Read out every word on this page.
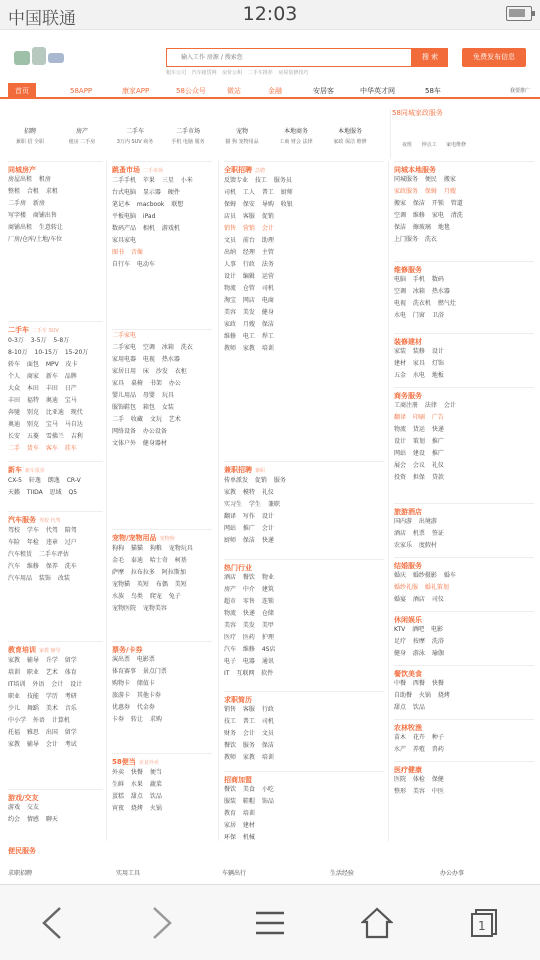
中国联通	12:03
输入工作 房源 / 搜索您
搜 索	免费发布信息
租车公司 汽车租赁网 房价公积 二手车推荐 房屋装修技巧
首页	58APP	康家APP	58公众号	微站	金融	安居客	中华英才网	58车	我要推广
招聘
兼职 招 全职
房产
租房 二手房
二手车
3万内 SUV 商务
二手市场
手机 电脑 服务
宠物
猫 狗 宠物用品
本地商务
工商 财会 法律
本地服务
家政 保洁 维修
58同城家政服务
夜班 钟点工 家电维修
同城房产
房屋出租 租房
整租 合租 求租
二手房 新房
写字楼 商铺出售
商铺出租 生意转让
厂房/仓库/土地/车位
二手车 二手车 SUV
0-3万 3-5万 5-8万
8-10万 10-15万 15-20万
轿车 面包 MPV 皮卡
个人 商家 新车 品牌
大众 本田 丰田 日产
丰田 福特 奥迪 宝马
奔驰 别克 比亚迪 现代
奥迪 别克 宝马 马自达
长安 五菱 雪佛兰 吉利
二手 货车 客车 挂车
新车 新车报价
CX-5 轩逸 朗逸 CR-V
天籁 TIIDA 思域 Q5
汽车服务 驾校 代驾
驾校 学车 代驾 陪驾
车险 年检 违章 过户
汽车租赁 二手车评估
汽车 维修 保养 洗车
汽车用品 装饰 改装
教育培训 家教 辅导
家教 辅导 升学 留学
培训 职业 艺术 体育
IT培训 外语 会计 设计
职业 技能 学历 考研
少儿 舞蹈 美术 音乐
中小学 外语 计算机
托福 雅思 出国 留学
家教 辅导 会计 考试
游戏/交友
游戏 交友
约会 情感 聊天
跳蚤市场 二手市场
二手手机 苹果 三星 小米
台式电脑 显示器 硬件
笔记本 macbook 联想
平板电脑 iPad
数码产品 相机 游戏机
家具家电
图书 音像
自行车 电动车
二手家电
二手家电 空调 冰箱 洗衣
家用电器 电视 热水器
家居日用 床 沙发 衣柜
家具 桌椅 书架 办公
婴儿用品 母婴 玩具
服饰鞋包 箱包 女装
二手 收藏 文玩 艺术
网络设备 办公设备
文体户外 健身器材
宠物/宠物用品 宠物狗
狗狗 猫猫 狗粮 宠物玩具
金毛 泰迪 哈士奇 柯基
萨摩 拉布拉多 阿拉斯加
宠物猫 英短 布偶 美短
水族 鸟类 爬宠 兔子
宠物医院 宠物美容
票务/卡券
演出票 电影票
体育赛事 景点门票
购物卡 储值卡
旅游卡 其他卡券
优惠券 代金券
卡券 转让 求购
58便当 美食外卖
外卖 快餐 便当
生鲜 水果 蔬菜
蛋糕 甜点 饮品
宵夜 烧烤 火锅
全职招聘 急聘
反馈专业 技工 服务员
司机 工人 普工 厨师
保姆 保安 导购 收银
店员 客服 促销
销售 营销 会计
文员 前台 助理
出纳 经理 主管
人事 行政 法务
设计 编辑 运营
物流 仓管 司机
淘宝 网店 电商
美容 美发 健身
家政 月嫂 保洁
维修 电工 焊工
教师 家教 培训
兼职招聘 兼职
传单派发 促销 服务
家教 模特 礼仪
实习生 学生 兼职
翻译 写作 设计
网站 推广 会计
厨师 保洁 快递
热门行业
酒店 餐饮 物业
房产 中介 建筑
超市 零售 连锁
物流 快递 仓储
美容 美发 美甲
医疗 医药 护理
汽车 维修 4S店
电子 电器 通讯
IT 互联网 软件
求职简历
销售 客服 行政
技工 普工 司机
财务 会计 文员
餐饮 服务 保洁
教师 家教 培训
招商加盟
餐饮 美食 小吃
服装 鞋帽 饰品
教育 培训
家居 建材
环保 机械
同城本地服务
同城服务 便民 搬家
家政服务 保姆 月嫂
搬家 保洁 开锁 管道
空调 维修 家电 清洗
保洁 擦玻璃 地毯
上门服务 洗衣
维修服务
电脑 手机 数码
空调 冰箱 热水器
电视 洗衣机 燃气灶
水电 门窗 卫浴
装修建材
家装 装修 设计
建材 家具 灯饰
五金 水电 地板
商务服务
工商注册 法律 会计
翻译 印刷 广告
物流 货运 快递
设计 策划 推广
网站 建设 推广
展会 会议 礼仪
投资 担保 贷款
旅游酒店
国内游 出境游
酒店 机票 签证
农家乐 度假村
结婚服务
婚庆 婚纱摄影 婚车
婚纱礼服 婚礼策划
婚宴 酒店 司仪
休闲娱乐
KTV 酒吧 电影
足疗 按摩 洗浴
健身 游泳 瑜伽
餐饮美食
中餐 西餐 快餐
自助餐 火锅 烧烤
甜点 饮品
农林牧渔
苗木 花卉 种子
水产 养殖 兽药
医疗健康
医院 体检 保健
整形 美容 中医
便民服务
求职招聘	实用工具	车辆出行	生活经验	办公办事
1
